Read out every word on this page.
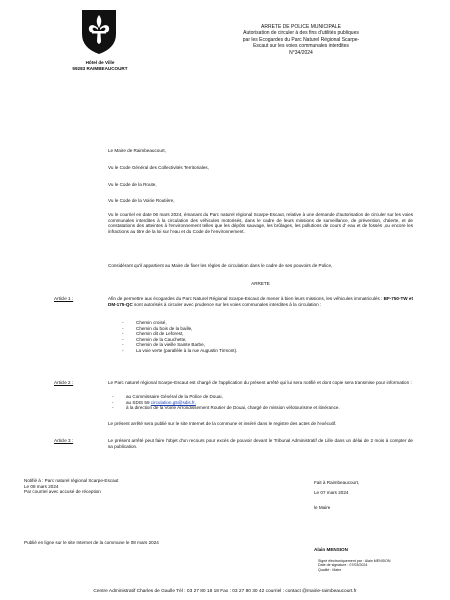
Hôtel de Ville
59283 RAIMBEAUCOURT
ARRETE DE POLICE MUNICIPALE
Autorisation de circuler à des fins d'utilités publiques
par les Ecogardes du Parc Naturel Régional Scarpe-
Escaut sur les voies communales interdites
N°34/2024
Le Maire de Raimbeaucourt,
Vu le Code Général des Collectivités Territoriales,
Vu le Code de la Route,
Vu le Code de la Voirie Routière,
Vu le courriel en date 06 mars 2024, émanant du Parc naturel régional Scarpe-Escaut, relative à une demande d'autorisation de circuler sur les voies communales interdites à la circulation des véhicules motorisés, dans le cadre de leurs missions de surveillance, de prévention, d'alerte, et de constatations des atteintes à l'environnement telles que les dépôts sauvage, les brûlages, les pollutions de cours d' eau et de fossés ,ou encore les infractions au titre de la loi sur l'eau et du Code de l'environnement.
Considérant qu'il appartient au Maire de fixer les règles de circulation dans le cadre de ses pouvoirs de Police,
ARRETE
Article 1 :	Afin de permettre aux écogardes du Parc Naturel Régional Scarpe-Escaut de mener à bien leurs missions, les véhicules immatriculés : BF-750-TW et DM-175-QC sont autorisés à circuler avec prudence sur les voies communales interdites à la circulation :
- Chemin croisé,
- Chemin du bois de la baille,
- Chemin dit de Leforest,
- Chemin de la Cauchette,
- Chemin de la vieille Sainte Barbe,
- La voie verte (parallèle à la rue Augustin Tirmont).
Article 2 :	Le Parc naturel régional Scarpe-Escaut est chargé de l'application du présent arrêté qui lui sera notifié et dont copie sera transmise pour information :
- au Commissaire Général de la Police de Douai,
- au SDIS 59 circulation.g5@sdis.fr,
- à la direction de la Voirie Arrondissement Routier de Douai, chargé de mission vélotourisme et itinérance.
Le présent arrêté sera publié sur le site Internet de la commune et inséré dans le registre des actes de l'exécutif.
Article 3 :	Le présent arrêté peut faire l'objet d'un recours pour excès de pouvoir devant le Tribunal Administratif de Lille dans un délai de 2 mois à compter de sa publication.
Notifié à : Parc naturel régional Scarpe-Escaut
Le 08 mars 2024
Par courriel avec accusé de réception
Fait à Raimbeaucourt,
Le 07 mars 2024
le Maire
Publié en ligne sur le site Internet de la commune le 08 mars 2024
Alain MENSION
Signé électroniquement par : Alain MENSION
Date de signature : 07/03/2024
Qualité : Maire
Centre Administratif Charles de Gaulle Tél : 03 27 80 18 18 Fax : 03 27 80 30 42 courriel : contact @mairie-raimbeaucourt.fr
